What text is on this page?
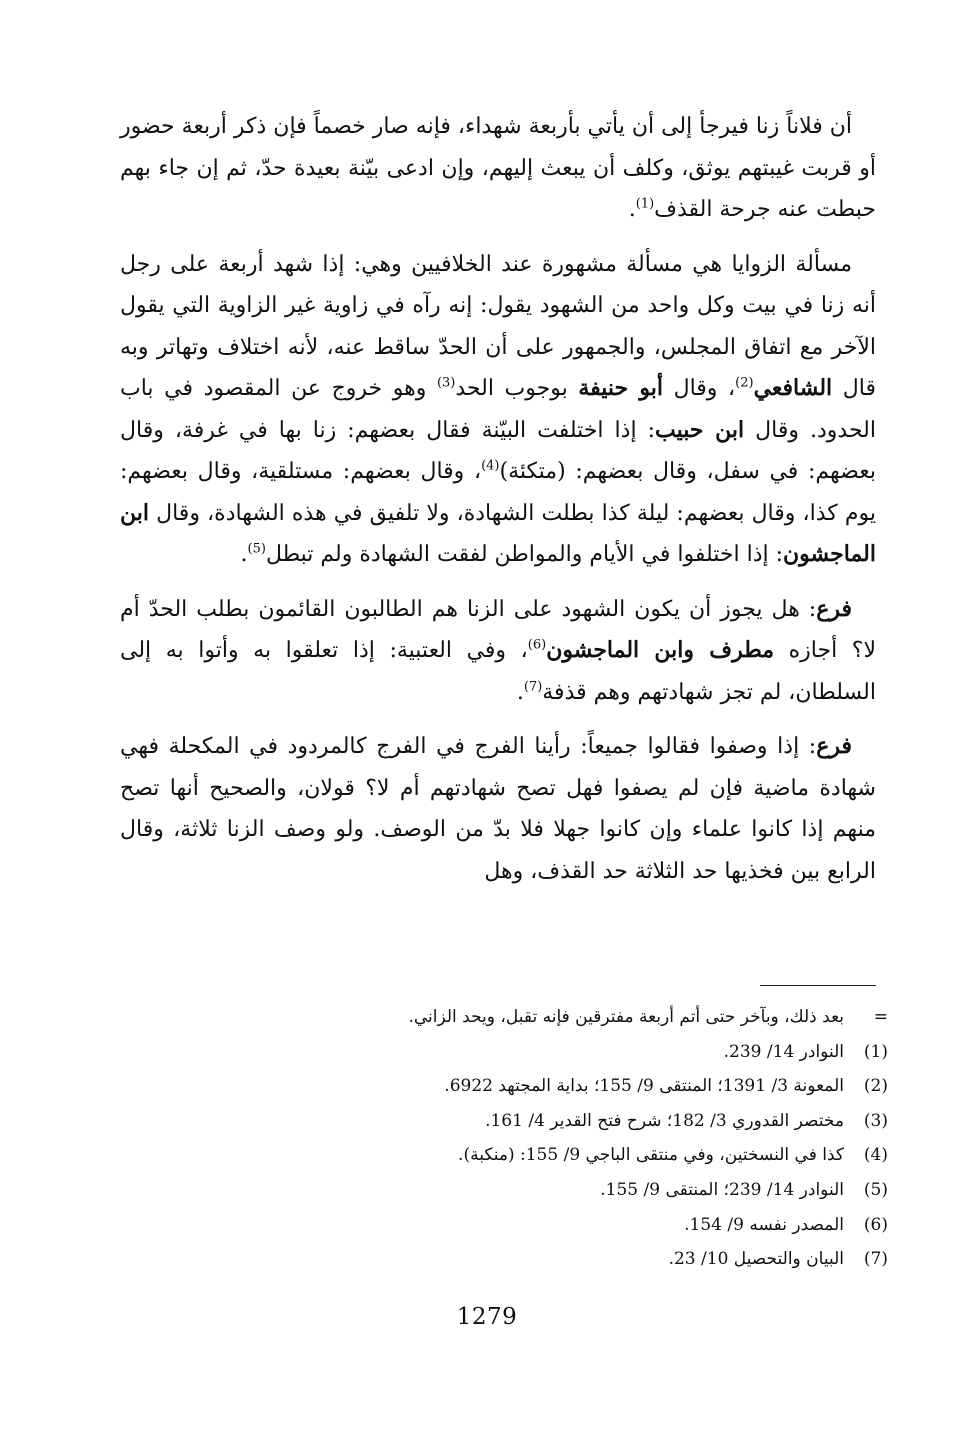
أن فلاناً زنا فيرجأ إلى أن يأتي بأربعة شهداء، فإنه صار خصماً فإن ذكر أربعة حضور أو قربت غيبتهم يوثق، وكلف أن يبعث إليهم، وإن ادعى بيّنة بعيدة حدّ، ثم إن جاء بهم حبطت عنه جرحة القذف$^{(1)}$.

مسألة الزوايا هي مسألة مشهورة عند الخلافيين وهي: إذا شهد أربعة على رجل أنه زنا في بيت وكل واحد من الشهود يقول: إنه رآه في زاوية غير الزاوية التي يقول الآخر مع اتفاق المجلس، والجمهور على أن الحدّ ساقط عنه، لأنه اختلاف وتهاتر وبه قال الشافعي$^{(2)}$، وقال أبو حنيفة بوجوب الحد$^{(3)}$ وهو خروج عن المقصود في باب الحدود. وقال ابن حبيب: إذا اختلفت البيّنة فقال بعضهم: زنا بها في غرفة، وقال بعضهم: في سفل، وقال بعضهم: (متكئة)$^{(4)}$، وقال بعضهم: مستلقية، وقال بعضهم: يوم كذا، وقال بعضهم: ليلة كذا بطلت الشهادة، ولا تلفيق في هذه الشهادة، وقال ابن الماجشون: إذا اختلفوا في الأيام والمواطن لفقت الشهادة ولم تبطل$^{(5)}$.

فرع: هل يجوز أن يكون الشهود على الزنا هم الطالبون القائمون بطلب الحدّ أم لا؟ أجازه مطرف وابن الماجشون$^{(6)}$، وفي العتبية: إذا تعلقوا به وأتوا به إلى السلطان، لم تجز شهادتهم وهم قذفة$^{(7)}$.

فرع: إذا وصفوا فقالوا جميعاً: رأينا الفرج في الفرج كالمردود في المكحلة فهي شهادة ماضية فإن لم يصفوا فهل تصح شهادتهم أم لا؟ قولان، والصحيح أنها تصح منهم إذا كانوا علماء وإن كانوا جهلا فلا بدّ من الوصف. ولو وصف الزنا ثلاثة، وقال الرابع بين فخذيها حد الثلاثة حد القذف، وهل

=
بعد ذلك، وبآخر حتى أتم أربعة مفترقين فإنه تقبل، ويحد الزاني.
(1)
النوادر 14/ 239.
(2)
المعونة 3/ 1391؛ المنتقى 9/ 155؛ بداية المجتهد 6922.
(3)
مختصر القدوري 3/ 182؛ شرح فتح القدير 4/ 161.
(4)
كذا في النسختين، وفي منتقى الباجي 9/ 155: (منكبة).
(5)
النوادر 14/ 239؛ المنتقى 9/ 155.
(6)
المصدر نفسه 9/ 154.
(7)
البيان والتحصيل 10/ 23.
1279
